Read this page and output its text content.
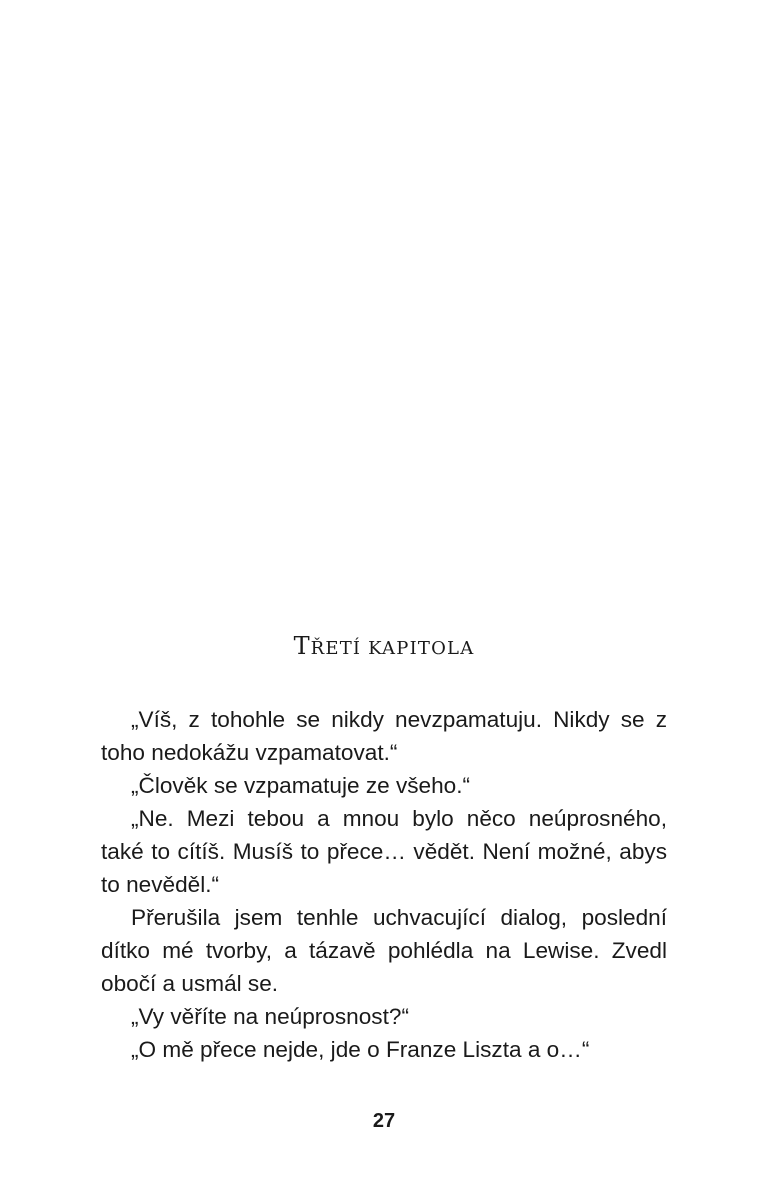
TŘETÍ KAPITOLA

„Víš, z tohohle se nikdy nevzpamatuju. Nikdy se z toho nedokážu vzpamatovat.“

„Člověk se vzpamatuje ze všeho.“

„Ne. Mezi tebou a mnou bylo něco neúprosného, také to cítíš. Musíš to přece… vědět. Není možné, abys to nevěděl.“

Přerušila jsem tenhle uchvacující dialog, poslední dítko mé tvorby, a tázavě pohlédla na Lewise. Zvedl obočí a usmál se.

„Vy věříte na neúprosnost?“

„O mě přece nejde, jde o Franze Liszta a o…“

27
